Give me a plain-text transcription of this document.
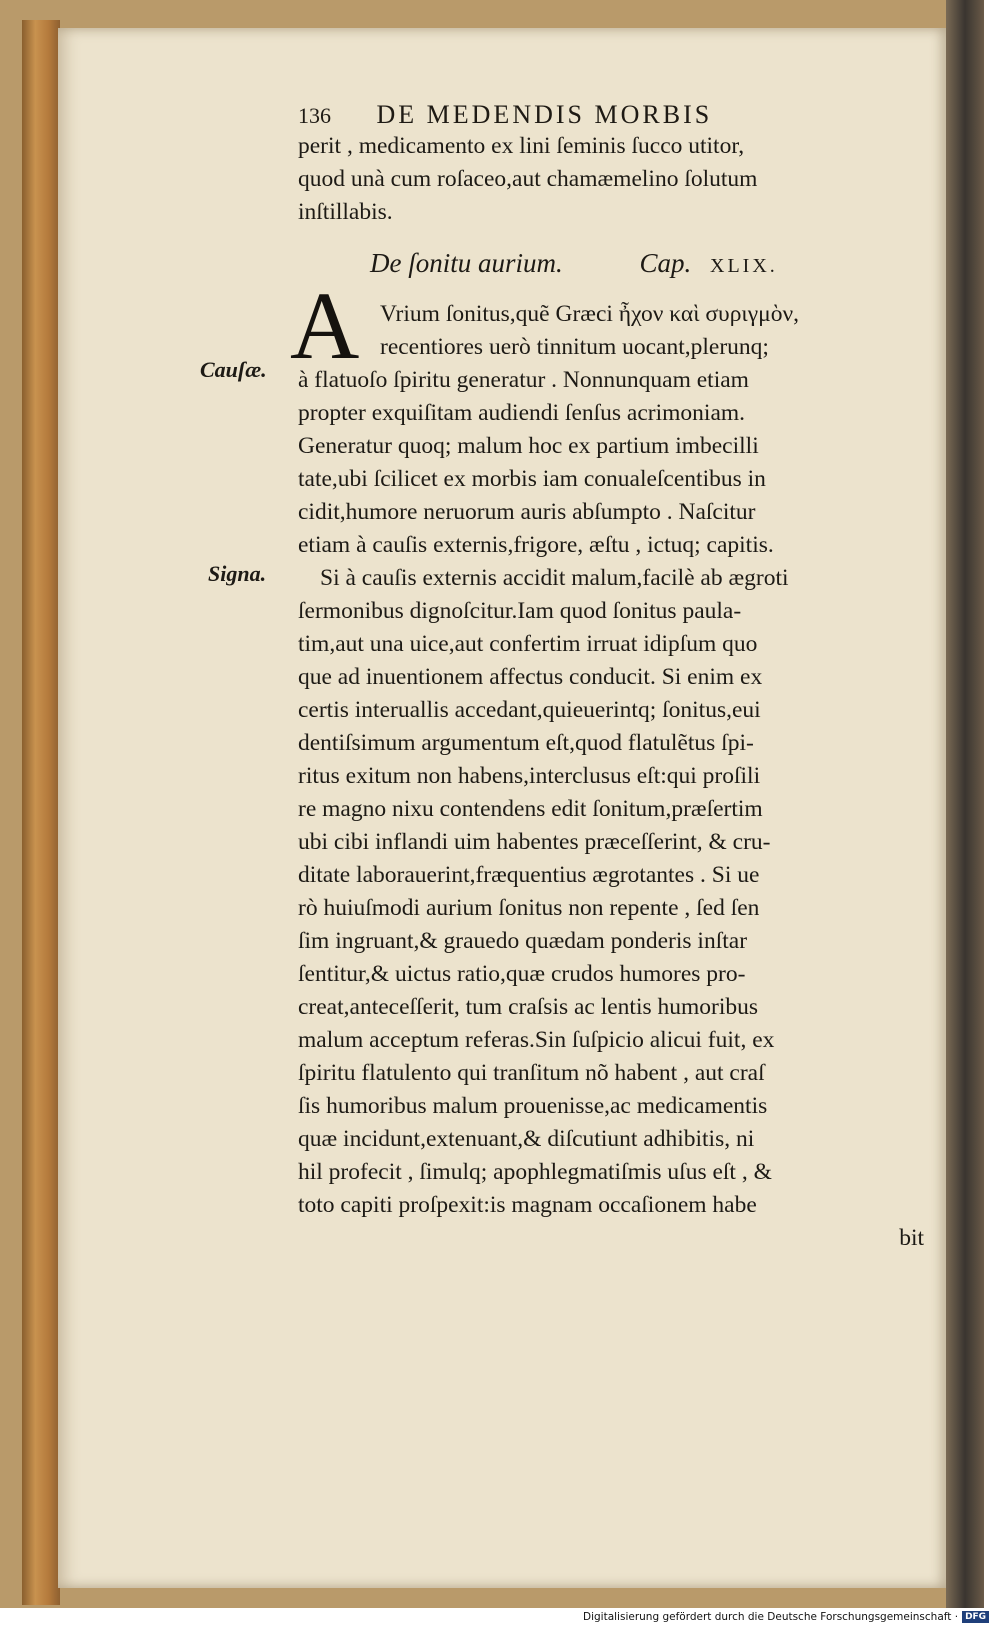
136 DE MEDENDIS MORBIS
perit , medicamento ex lini ſeminis ſucco utitor,
quod unà cum roſaceo,aut chamæmelino ſolutum
inſtillabis.
De ſonitu aurium.	Cap. XLIX.
A Vrium ſonitus,quẽ Græci ἦχον καὶ συριγμὸν,
recentiores uerò tinnitum uocant,plerunq;
à flatuoſo ſpiritu generatur . Nonnunquam etiam
propter exquiſitam audiendi ſenſus acrimoniam.
Generatur quoq; malum hoc ex partium imbecilli
tate,ubi ſcilicet ex morbis iam conualeſcentibus in
cidit,humore neruorum auris abſumpto . Naſcitur
etiam à cauſis externis,frigore, æſtu , ictuq; capitis.
Si à cauſis externis accidit malum,facilè ab ægroti
ſermonibus dignoſcitur.Iam quod ſonitus paula-
tim,aut una uice,aut confertim irruat idipſum quo
que ad inuentionem affectus conducit. Si enim ex
certis interuallis accedant,quieuerintq; ſonitus,eui
dentiſsimum argumentum eſt,quod flatulẽtus ſpi-
ritus exitum non habens,interclusus eſt:qui proſili
re magno nixu contendens edit ſonitum,præſertim
ubi cibi inflandi uim habentes præceſſerint, & cru-
ditate laborauerint,fræquentius ægrotantes . Si ue
rò huiuſmodi aurium ſonitus non repente , ſed ſen
ſim ingruant,& grauedo quædam ponderis inſtar
ſentitur,& uictus ratio,quæ crudos humores pro-
creat,anteceſſerit, tum craſsis ac lentis humoribus
malum acceptum referas.Sin ſuſpicio alicui fuit, ex
ſpiritu flatulento qui tranſitum nõ habent , aut craſ
ſis humoribus malum prouenisse,ac medicamentis
quæ incidunt,extenuant,& diſcutiunt adhibitis, ni
hil profecit , ſimulq; apophlegmatiſmis uſus eſt , &
toto capiti proſpexit:is magnam occaſionem habe
bit
Cauſæ.
Signa.
Digitalisierung gefördert durch die Deutsche Forschungsgemeinschaft · DFG
